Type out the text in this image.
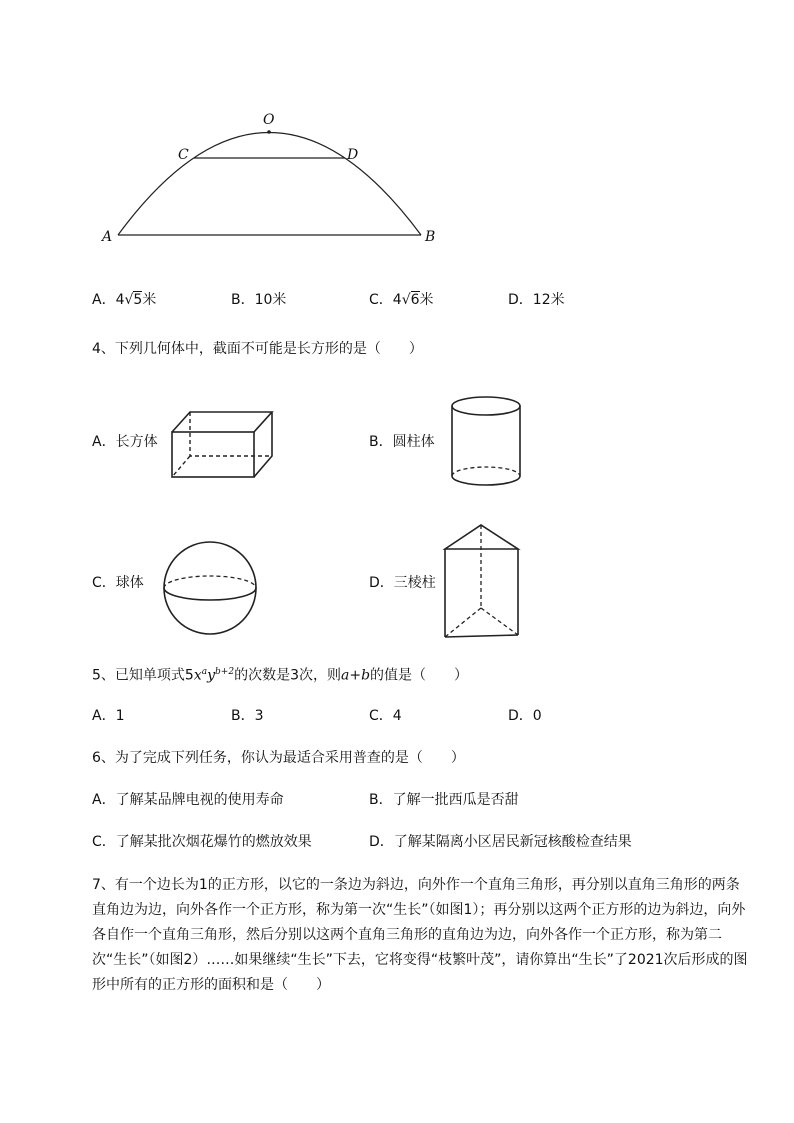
O
C	D
A	B
A．4√5米	B．10米	C．4√6米	D．12米
4、下列几何体中，截面不可能是长方形的是（　　）
A．长方体	B．圆柱体
C．球体	D．三棱柱
5、已知单项式$5x^ay^{b+2}$的次数是3次，则a+b的值是（　　）
A．1	B．3	C．4	D．0
6、为了完成下列任务，你认为最适合采用普查的是（　　）
A．了解某品牌电视的使用寿命	B．了解一批西瓜是否甜
C．了解某批次烟花爆竹的燃放效果	D．了解某隔离小区居民新冠核酸检查结果
7、有一个边长为1的正方形，以它的一条边为斜边，向外作一个直角三角形，再分别以直角三角形的两条直角边为边，向外各作一个正方形，称为第一次“生长”（如图1）；再分别以这两个正方形的边为斜边，向外各自作一个直角三角形，然后分别以这两个直角三角形的直角边为边，向外各作一个正方形，称为第二次“生长”（如图2）……如果继续“生长”下去，它将变得“枝繁叶茂”，请你算出“生长”了2021次后形成的图形中所有的正方形的面积和是（　　）
